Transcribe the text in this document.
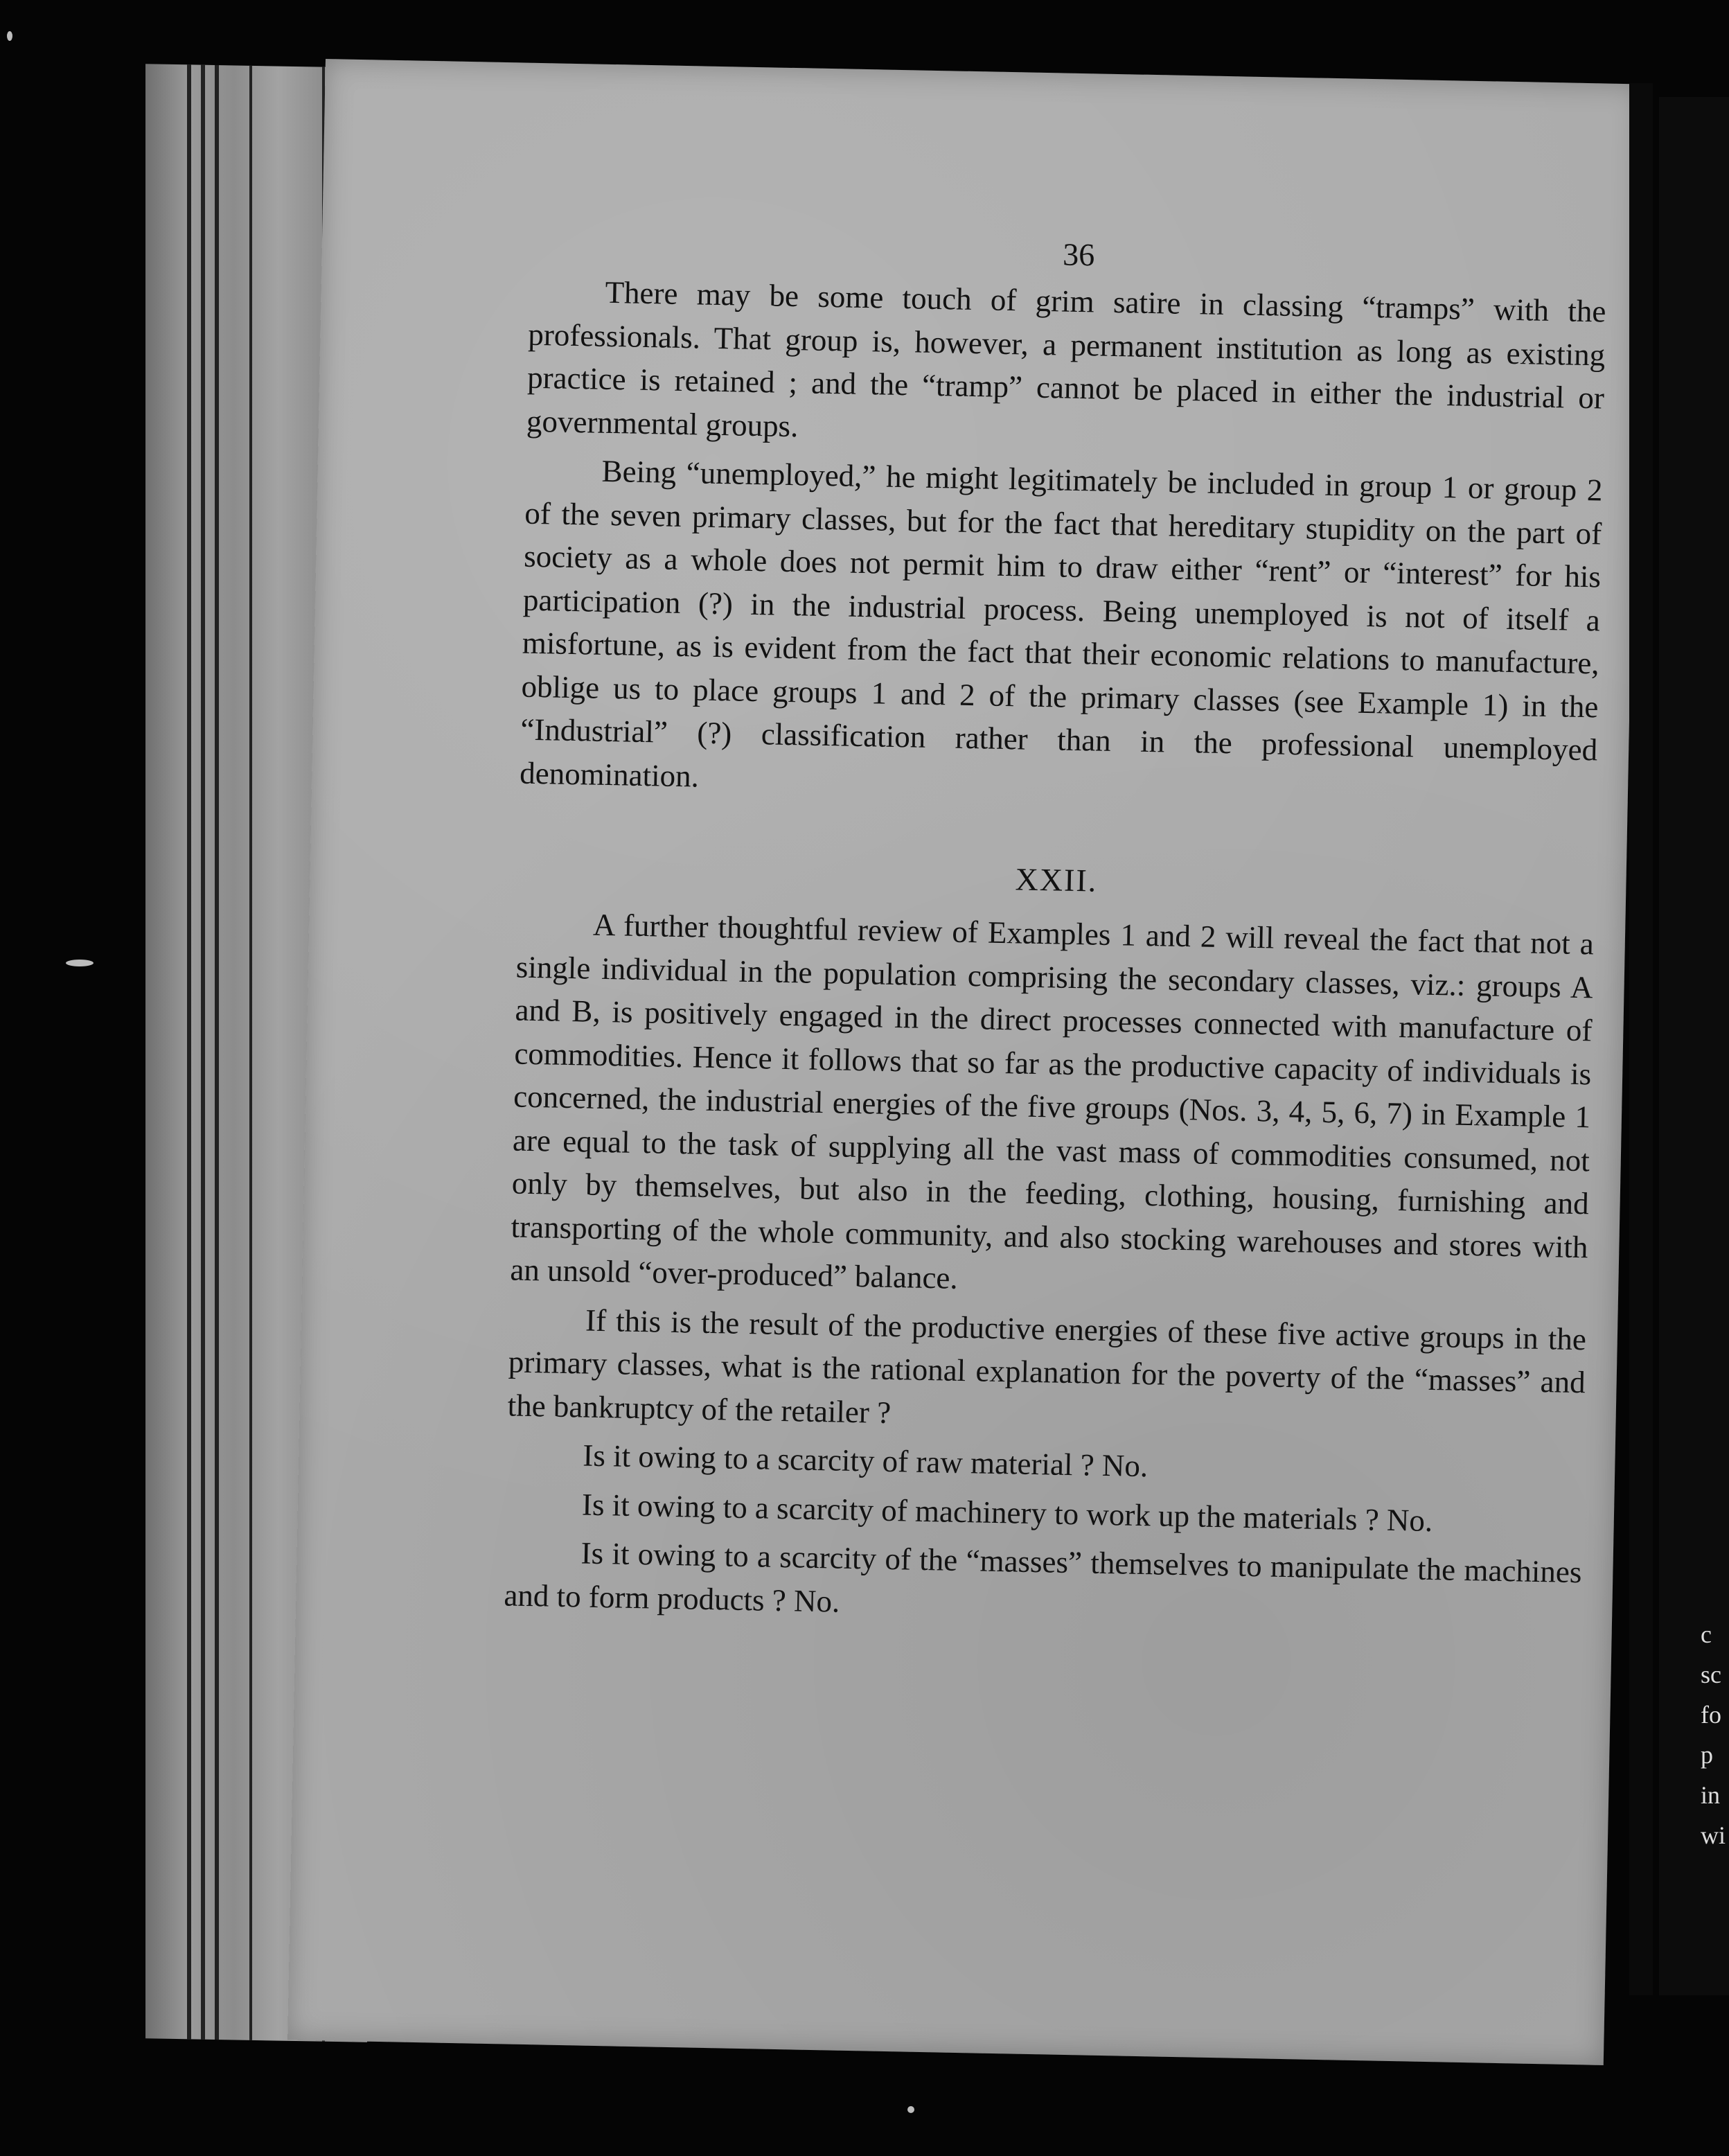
36

There may be some touch of grim satire in classing “tramps” with the professionals. That group is, however, a permanent institution as long as existing practice is retained ; and the “tramp” cannot be placed in either the industrial or governmental groups.

Being “unemployed,” he might legitimately be included in group 1 or group 2 of the seven primary classes, but for the fact that hereditary stupidity on the part of society as a whole does not permit him to draw either “rent” or “interest” for his participation (?) in the industrial process. Being unemployed is not of itself a misfortune, as is evident from the fact that their economic relations to manufacture, oblige us to place groups 1 and 2 of the primary classes (see Example 1) in the “Industrial” (?) classification rather than in the professional unemployed denomination.

XXII.

A further thoughtful review of Examples 1 and 2 will reveal the fact that not a single individual in the population comprising the secondary classes, viz.: groups A and B, is positively engaged in the direct processes connected with manufacture of commodities. Hence it follows that so far as the productive capacity of individuals is concerned, the industrial energies of the five groups (Nos. 3, 4, 5, 6, 7) in Example 1 are equal to the task of supplying all the vast mass of commodities consumed, not only by themselves, but also in the feeding, clothing, housing, furnishing and transporting of the whole community, and also stocking warehouses and stores with an unsold “over-produced” balance.

If this is the result of the productive energies of these five active groups in the primary classes, what is the rational explanation for the poverty of the “masses” and the bankruptcy of the retailer ?

Is it owing to a scarcity of raw material ? No.

Is it owing to a scarcity of machinery to work up the materials ? No.

Is it owing to a scarcity of the “masses” themselves to manipulate the machines and to form products ? No.

c
sc
fo
p
in
wi
